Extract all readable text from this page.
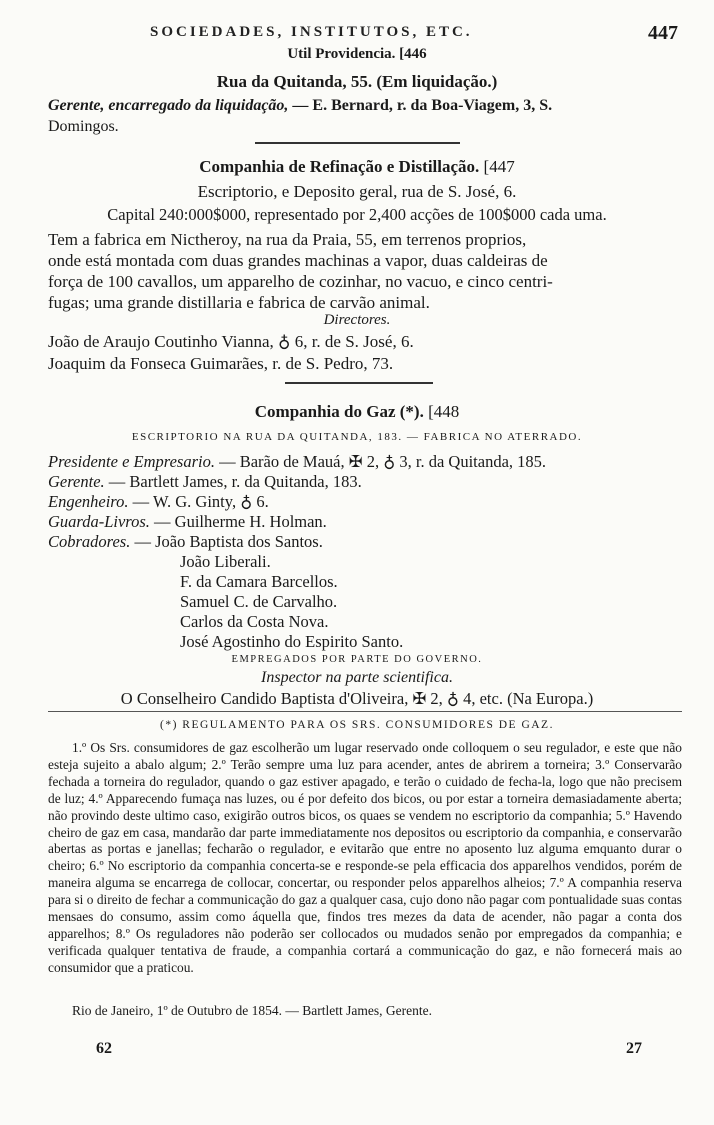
SOCIEDADES, INSTITUTOS, ETC.	447
Util Providencia. [446
Rua da Quitanda, 55. (Em liquidação.)
Gerente, encarregado da liquidação, — E. Bernard, r. da Boa-Viagem, 3, S.
Domingos.
Companhia de Refinação e Distillação. [447
Escriptorio, e Deposito geral, rua de S. José, 6.
Capital 240:000$000, representado por 2,400 acções de 100$000 cada uma.
Tem a fabrica em Nictheroy, na rua da Praia, 55, em terrenos proprios,
onde está montada com duas grandes machinas a vapor, duas caldeiras de
força de 100 cavallos, um apparelho de cozinhar, no vacuo, e cinco centri-
fugas; uma grande distillaria e fabrica de carvão animal.
Directores.
João de Araujo Coutinho Vianna, ♁ 6, r. de S. José, 6.
Joaquim da Fonseca Guimarães, r. de S. Pedro, 73.
Companhia do Gaz (*). [448
ESCRIPTORIO NA RUA DA QUITANDA, 183. — FABRICA NO ATERRADO.
Presidente e Empresario. — Barão de Mauá, ✠ 2, ♁ 3, r. da Quitanda, 185.
Gerente. — Bartlett James, r. da Quitanda, 183.
Engenheiro. — W. G. Ginty, ♁ 6.
Guarda-Livros. — Guilherme H. Holman.
Cobradores. — João Baptista dos Santos.
João Liberali.
F. da Camara Barcellos.
Samuel C. de Carvalho.
Carlos da Costa Nova.
José Agostinho do Espirito Santo.
EMPREGADOS POR PARTE DO GOVERNO.
Inspector na parte scientifica.
O Conselheiro Candido Baptista d'Oliveira, ✠ 2, ♁ 4, etc. (Na Europa.)
(*) REGULAMENTO PARA OS SRS. CONSUMIDORES DE GAZ.
1.º Os Srs. consumidores de gaz escolherão um lugar reservado onde colloquem o seu regulador, e este que não esteja sujeito a abalo algum; 2.º Terão sempre uma luz para acender, antes de abrirem a torneira; 3.º Conservarão fechada a torneira do regulador, quando o gaz estiver apagado, e terão o cuidado de fecha-la, logo que não precisem de luz; 4.º Apparecendo fumaça nas luzes, ou é por defeito dos bicos, ou por estar a torneira demasiadamente aberta; não provindo deste ultimo caso, exigirão outros bicos, os quaes se vendem no escriptorio da companhia; 5.º Havendo cheiro de gaz em casa, mandarão dar parte immediatamente nos depositos ou escriptorio da companhia, e conservarão abertas as portas e janellas; fecharão o regulador, e evitarão que entre no aposento luz alguma emquanto durar o cheiro; 6.º No escriptorio da companhia concerta-se e responde-se pela efficacia dos apparelhos vendidos, porém de maneira alguma se encarrega de collocar, concertar, ou responder pelos apparelhos alheios; 7.º A companhia reserva para si o direito de fechar a communicação do gaz a qualquer casa, cujo dono não pagar com pontualidade suas contas mensaes do consumo, assim como áquella que, findos tres mezes da data de acender, não pagar a conta dos apparelhos; 8.º Os reguladores não poderão ser collocados ou mudados senão por empregados da companhia; e verificada qualquer tentativa de fraude, a companhia cortará a communicação do gaz, e não fornecerá mais ao consumidor que a praticou.
Rio de Janeiro, 1º de Outubro de 1854. — Bartlett James, Gerente.
62	27
